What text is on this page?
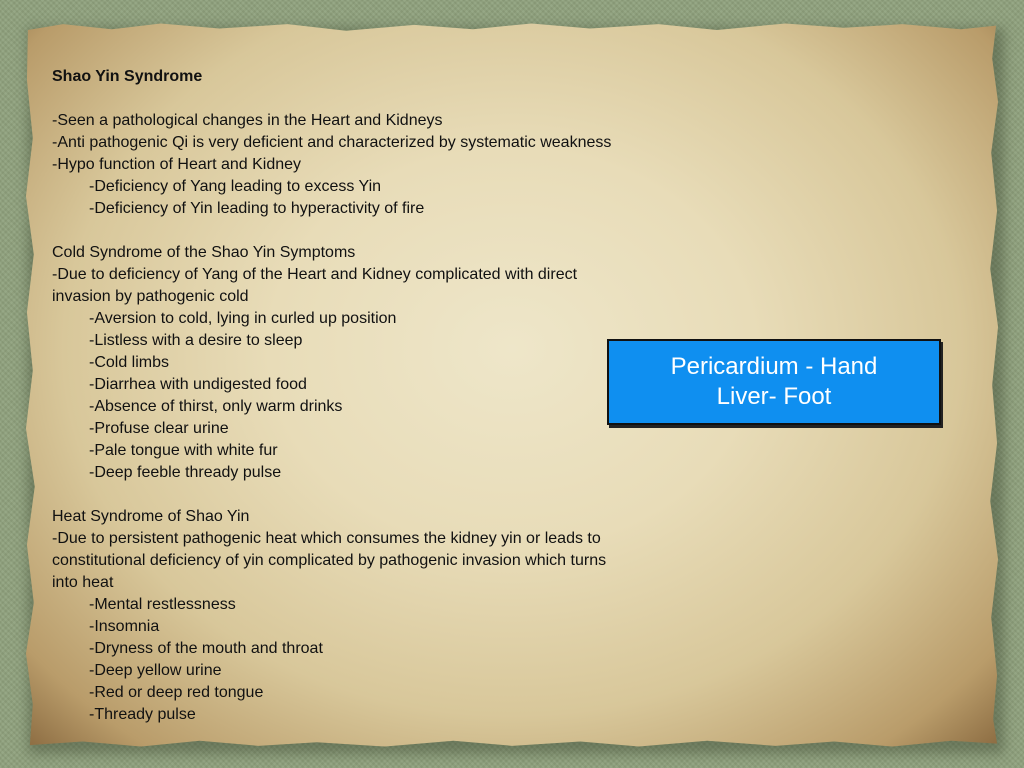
Shao Yin Syndrome
-Seen a pathological changes in the Heart and Kidneys
-Anti pathogenic Qi is very deficient and characterized by systematic weakness
-Hypo function of Heart and Kidney
-Deficiency of Yang leading to excess Yin
-Deficiency of Yin leading to hyperactivity of fire
Cold Syndrome of the Shao Yin Symptoms
-Due to deficiency of Yang of the Heart and Kidney complicated with direct
invasion by pathogenic cold
-Aversion to cold, lying in curled up position
-Listless with a desire to sleep
-Cold limbs
-Diarrhea with undigested food
-Absence of thirst, only warm drinks
-Profuse clear urine
-Pale tongue with white fur
-Deep feeble thready pulse
Heat Syndrome of Shao Yin
-Due to persistent pathogenic heat which consumes the kidney yin or leads to
constitutional deficiency of yin complicated by pathogenic invasion which turns
into heat
-Mental restlessness
-Insomnia
-Dryness of the mouth and throat
-Deep yellow urine
-Red or deep red tongue
-Thready pulse
Pericardium - Hand
Liver- Foot
